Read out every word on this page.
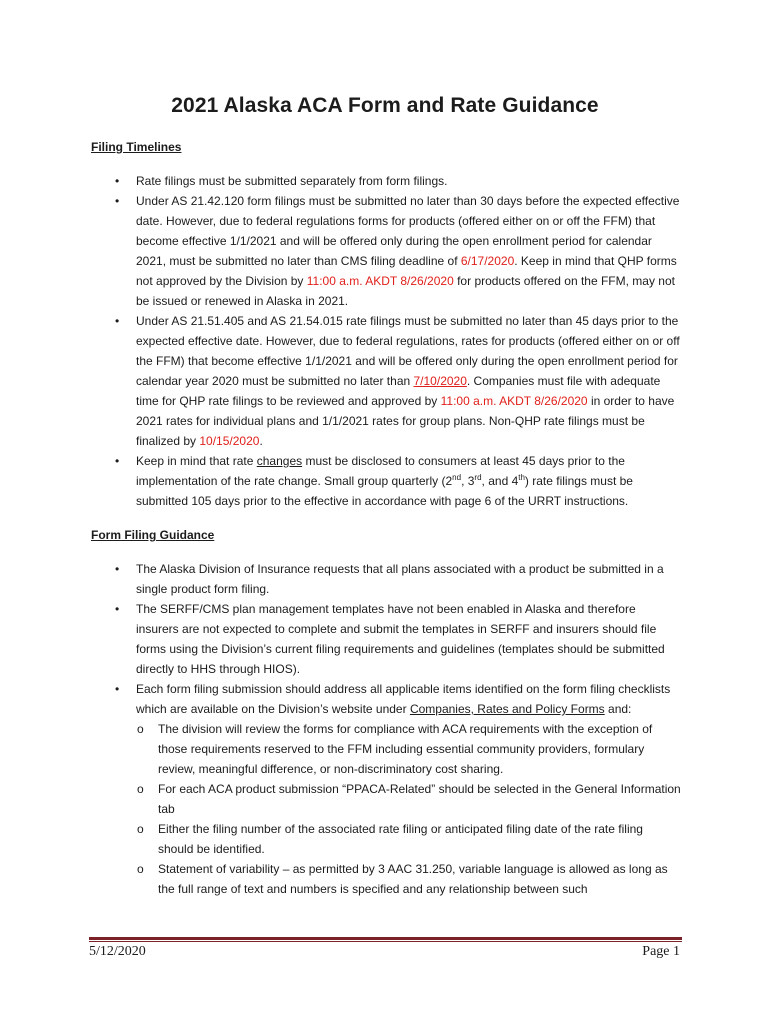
2021 Alaska ACA Form and Rate Guidance

Filing Timelines

• Rate filings must be submitted separately from form filings.
• Under AS 21.42.120 form filings must be submitted no later than 30 days before the expected effective date. However, due to federal regulations forms for products (offered either on or off the FFM) that become effective 1/1/2021 and will be offered only during the open enrollment period for calendar 2021, must be submitted no later than CMS filing deadline of 6/17/2020. Keep in mind that QHP forms not approved by the Division by 11:00 a.m. AKDT 8/26/2020 for products offered on the FFM, may not be issued or renewed in Alaska in 2021.
• Under AS 21.51.405 and AS 21.54.015 rate filings must be submitted no later than 45 days prior to the expected effective date. However, due to federal regulations, rates for products (offered either on or off the FFM) that become effective 1/1/2021 and will be offered only during the open enrollment period for calendar year 2020 must be submitted no later than 7/10/2020. Companies must file with adequate time for QHP rate filings to be reviewed and approved by 11:00 a.m. AKDT 8/26/2020 in order to have 2021 rates for individual plans and 1/1/2021 rates for group plans. Non-QHP rate filings must be finalized by 10/15/2020.
• Keep in mind that rate changes must be disclosed to consumers at least 45 days prior to the implementation of the rate change. Small group quarterly (2nd, 3rd, and 4th) rate filings must be submitted 105 days prior to the effective in accordance with page 6 of the URRT instructions.

Form Filing Guidance

• The Alaska Division of Insurance requests that all plans associated with a product be submitted in a single product form filing.
• The SERFF/CMS plan management templates have not been enabled in Alaska and therefore insurers are not expected to complete and submit the templates in SERFF and insurers should file forms using the Division’s current filing requirements and guidelines (templates should be submitted directly to HHS through HIOS).
• Each form filing submission should address all applicable items identified on the form filing checklists which are available on the Division’s website under Companies, Rates and Policy Forms and:
o The division will review the forms for compliance with ACA requirements with the exception of those requirements reserved to the FFM including essential community providers, formulary review, meaningful difference, or non-discriminatory cost sharing.
o For each ACA product submission “PPACA-Related” should be selected in the General Information tab
o Either the filing number of the associated rate filing or anticipated filing date of the rate filing should be identified.
o Statement of variability – as permitted by 3 AAC 31.250, variable language is allowed as long as the full range of text and numbers is specified and any relationship between such
5/12/2020	Page 1
